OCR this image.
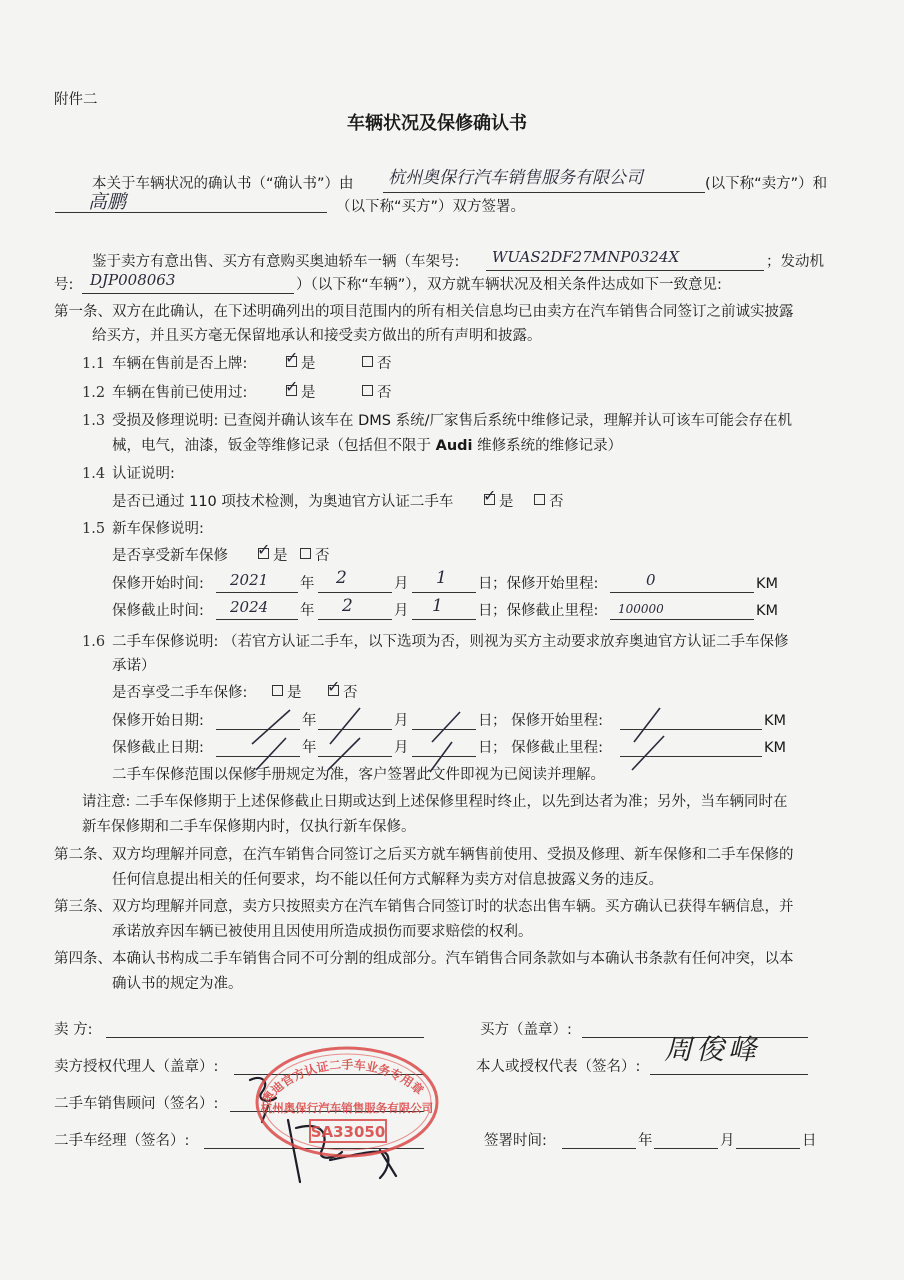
附件二
车辆状况及保修确认书
本关于车辆状况的确认书（“确认书”）由 杭州奥保行汽车销售服务有限公司	(以下称“卖方”）和
高鹏	（以下称“买方”）双方签署。
鉴于卖方有意出售、买方有意购买奥迪轿车一辆（车架号: WUAS2DF27MNP0324X	；发动机
号: DJP008063	）（以下称“车辆”），双方就车辆状况及相关条件达成如下一致意见:
第一条、双方在此确认，在下述明确列出的项目范围内的所有相关信息均已由卖方在汽车销售合同签订之前诚实披露
给买方，并且买方毫无保留地承认和接受卖方做出的所有声明和披露。
1.1 车辆在售前是否上牌: ✓	是	否
1.2 车辆在售前已使用过: ✓	是	否
1.3 受损及修理说明: 已查阅并确认该车在 DMS 系统/厂家售后系统中维修记录，理解并认可该车可能会存在机
械，电气，油漆，钣金等维修记录（包括但不限于 Audi 维修系统的维修记录）
1.4 认证说明:
是否已通过 110 项技术检测，为奥迪官方认证二手车 ✓	是	否
1.5 新车保修说明:
是否享受新车保修 ✓	是	否
保修开始时间: 2021 年 2	月 1 日 ；保修开始里程:	0	KM
保修截止时间: 2024 年 2	月 1 日 ；保修截止里程: 100000	KM
1.6 二手车保修说明: （若官方认证二手车，以下选项为否，则视为买方主动要求放弃奥迪官方认证二手车保修
承诺）
是否享受二手车保修:	是 ✓	否
保修开始日期:	年	月	日 ； 保修开始里程:	KM
保修截止日期:	年	月	日 ； 保修截止里程:	KM
二手车保修范围以保修手册规定为准，客户签署此文件即视为已阅读并理解。
请注意: 二手车保修期于上述保修截止日期或达到上述保修里程时终止，以先到达者为准；另外，当车辆同时在
新车保修期和二手车保修期内时，仅执行新车保修。
第二条、双方均理解并同意，在汽车销售合同签订之后买方就车辆售前使用、受损及修理、新车保修和二手车保修的
任何信息提出相关的任何要求，均不能以任何方式解释为卖方对信息披露义务的违反。
第三条、双方均理解并同意，卖方只按照卖方在汽车销售合同签订时的状态出售车辆。买方确认已获得车辆信息，并
承诺放弃因车辆已被使用且因使用所造成损伤而要求赔偿的权利。
第四条、本确认书构成二手车销售合同不可分割的组成部分。汽车销售合同条款如与本确认书条款有任何冲突，以本
确认书的规定为准。
卖 方:	买方（盖章）:
卖方授权代理人（盖章）:	本人或授权代表（签名）:
周俊峰
二手车销售顾问（签名）:
二手车经理（签名）:	签署时间:	年	月	日
奥迪官方认证二手车业务专用章
杭州奥保行汽车销售服务有限公司
SA33050
